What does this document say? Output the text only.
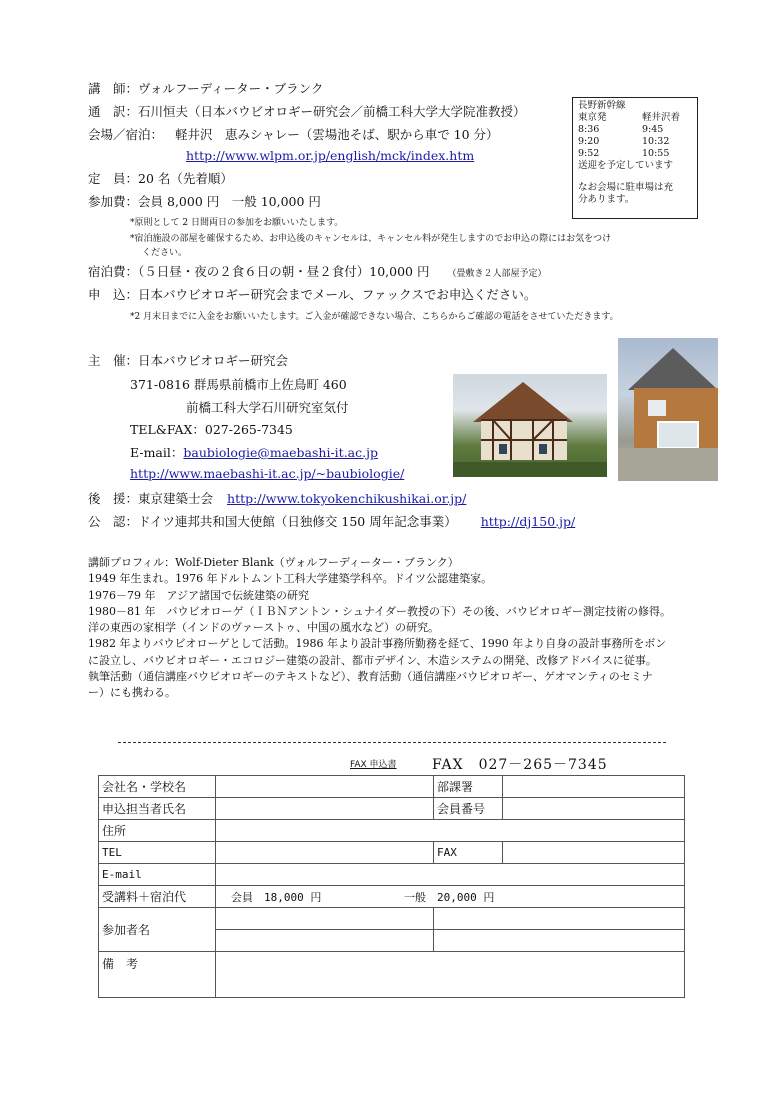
講　師：ヴォルフーディーター・ブランク
通　訳：石川恒夫（日本バウビオロギー研究会／前橋工科大学大学院准教授）
会場／宿泊： 軽井沢　恵みシャレー（雲場池そば、駅から車で 10 分）
http://www.wlpm.or.jp/english/mck/index.htm
定　員：20 名（先着順）
参加費：会員 8,000 円　一般 10,000 円
*原則として 2 日間両日の参加をお願いいたします。
*宿泊施設の部屋を確保するため、お申込後のキャンセルは、キャンセル料が発生しますのでお申込の際にはお気をつけ
ください。
宿泊費：（５日昼・夜の２食６日の朝・昼２食付）10,000 円 （畳敷き２人部屋予定）
申　込：日本バウビオロギー研究会までメール、ファックスでお申込ください。
*2 月末日までに入金をお願いいたします。ご入金が確認できない場合、こちらからご確認の電話をさせていただきます。
長野新幹線
東京発	軽井沢着
8:36	9:45
9:20	10:32
9:52	10:55
送迎を予定しています
なお会場に駐車場は充
分あります。
主　催：日本バウビオロギー研究会
371-0816 群馬県前橋市上佐鳥町 460
前橋工科大学石川研究室気付
TEL&FAX：027-265-7345
E-mail：baubiologie@maebashi-it.ac.jp
http://www.maebashi-it.ac.jp/~baubiologie/
後　援：東京建築士会 http://www.tokyokenchikushikai.or.jp/
公　認：ドイツ連邦共和国大使館（日独修交 150 周年記念事業） http://dj150.jp/
講師プロフィル：Wolf-Dieter Blank（ヴォルフーディーター・ブランク）
1949 年生まれ。1976 年ドルトムント工科大学建築学科卒。ドイツ公認建築家。
1976－79 年　アジア諸国で伝統建築の研究
1980－81 年　バウビオローゲ（ＩＢＮアントン・シュナイダー教授の下）その後、バウビオロギー測定技術の修得。
洋の東西の家相学（インドのヴァーストゥ、中国の風水など）の研究。
1982 年よりバウビオローゲとして活動。1986 年より設計事務所勤務を経て、1990 年より自身の設計事務所をボン
に設立し、バウビオロギー・エコロジー建築の設計、都市デザイン、木造システムの開発、改修アドバイスに従事。
執筆活動（通信講座バウビオロギーのテキストなど）、教育活動（通信講座バウビオロギー、ゲオマンティのセミナ
ー）にも携わる。
FAX 申込書	FAX　027－265－7345
会社名・学校名		部課署	
申込担当者氏名		会員番号	
住所			
TEL		FAX	
E-mail			
受講料＋宿泊代	会員　18,000 円 一般　20,000 円		
参加者名			

備　考			
